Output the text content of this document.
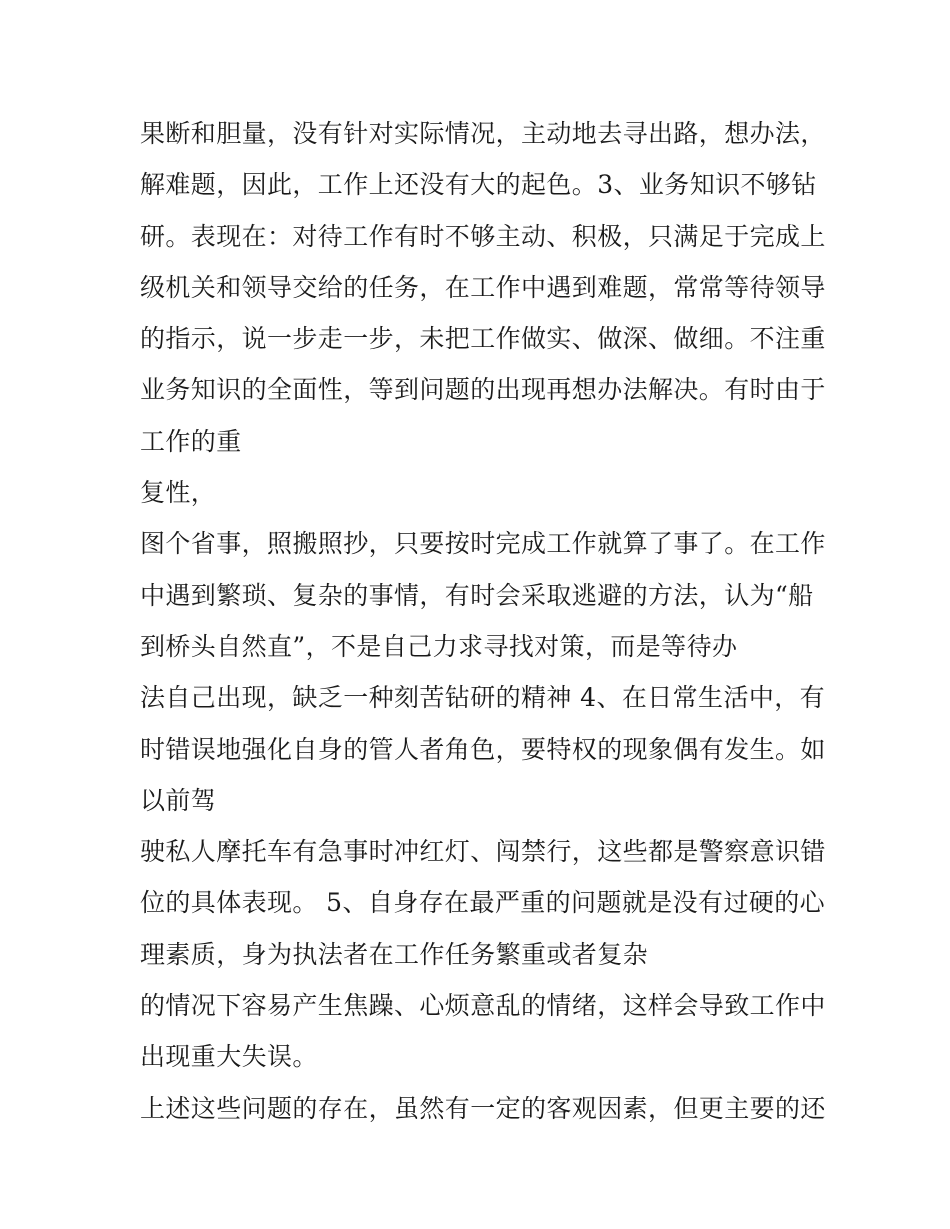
果断和胆量，没有针对实际情况，主动地去寻出路，想办法，
解难题，因此，工作上还没有大的起色。3、业务知识不够钻
研。表现在：对待工作有时不够主动、积极，只满足于完成上
级机关和领导交给的任务，在工作中遇到难题，常常等待领导
的指示，说一步走一步，未把工作做实、做深、做细。不注重
业务知识的全面性，等到问题的出现再想办法解决。有时由于
工作的重
复性，
图个省事，照搬照抄，只要按时完成工作就算了事了。在工作
中遇到繁琐、复杂的事情，有时会采取逃避的方法，认为“船
到桥头自然直”，不是自己力求寻找对策，而是等待办
法自己出现，缺乏一种刻苦钻研的精神 4、在日常生活中，有
时错误地强化自身的管人者角色，要特权的现象偶有发生。如
以前驾
驶私人摩托车有急事时冲红灯、闯禁行，这些都是警察意识错
位的具体表现。 5、自身存在最严重的问题就是没有过硬的心
理素质，身为执法者在工作任务繁重或者复杂
的情况下容易产生焦躁、心烦意乱的情绪，这样会导致工作中
出现重大失误。
上述这些问题的存在，虽然有一定的客观因素，但更主要的还
